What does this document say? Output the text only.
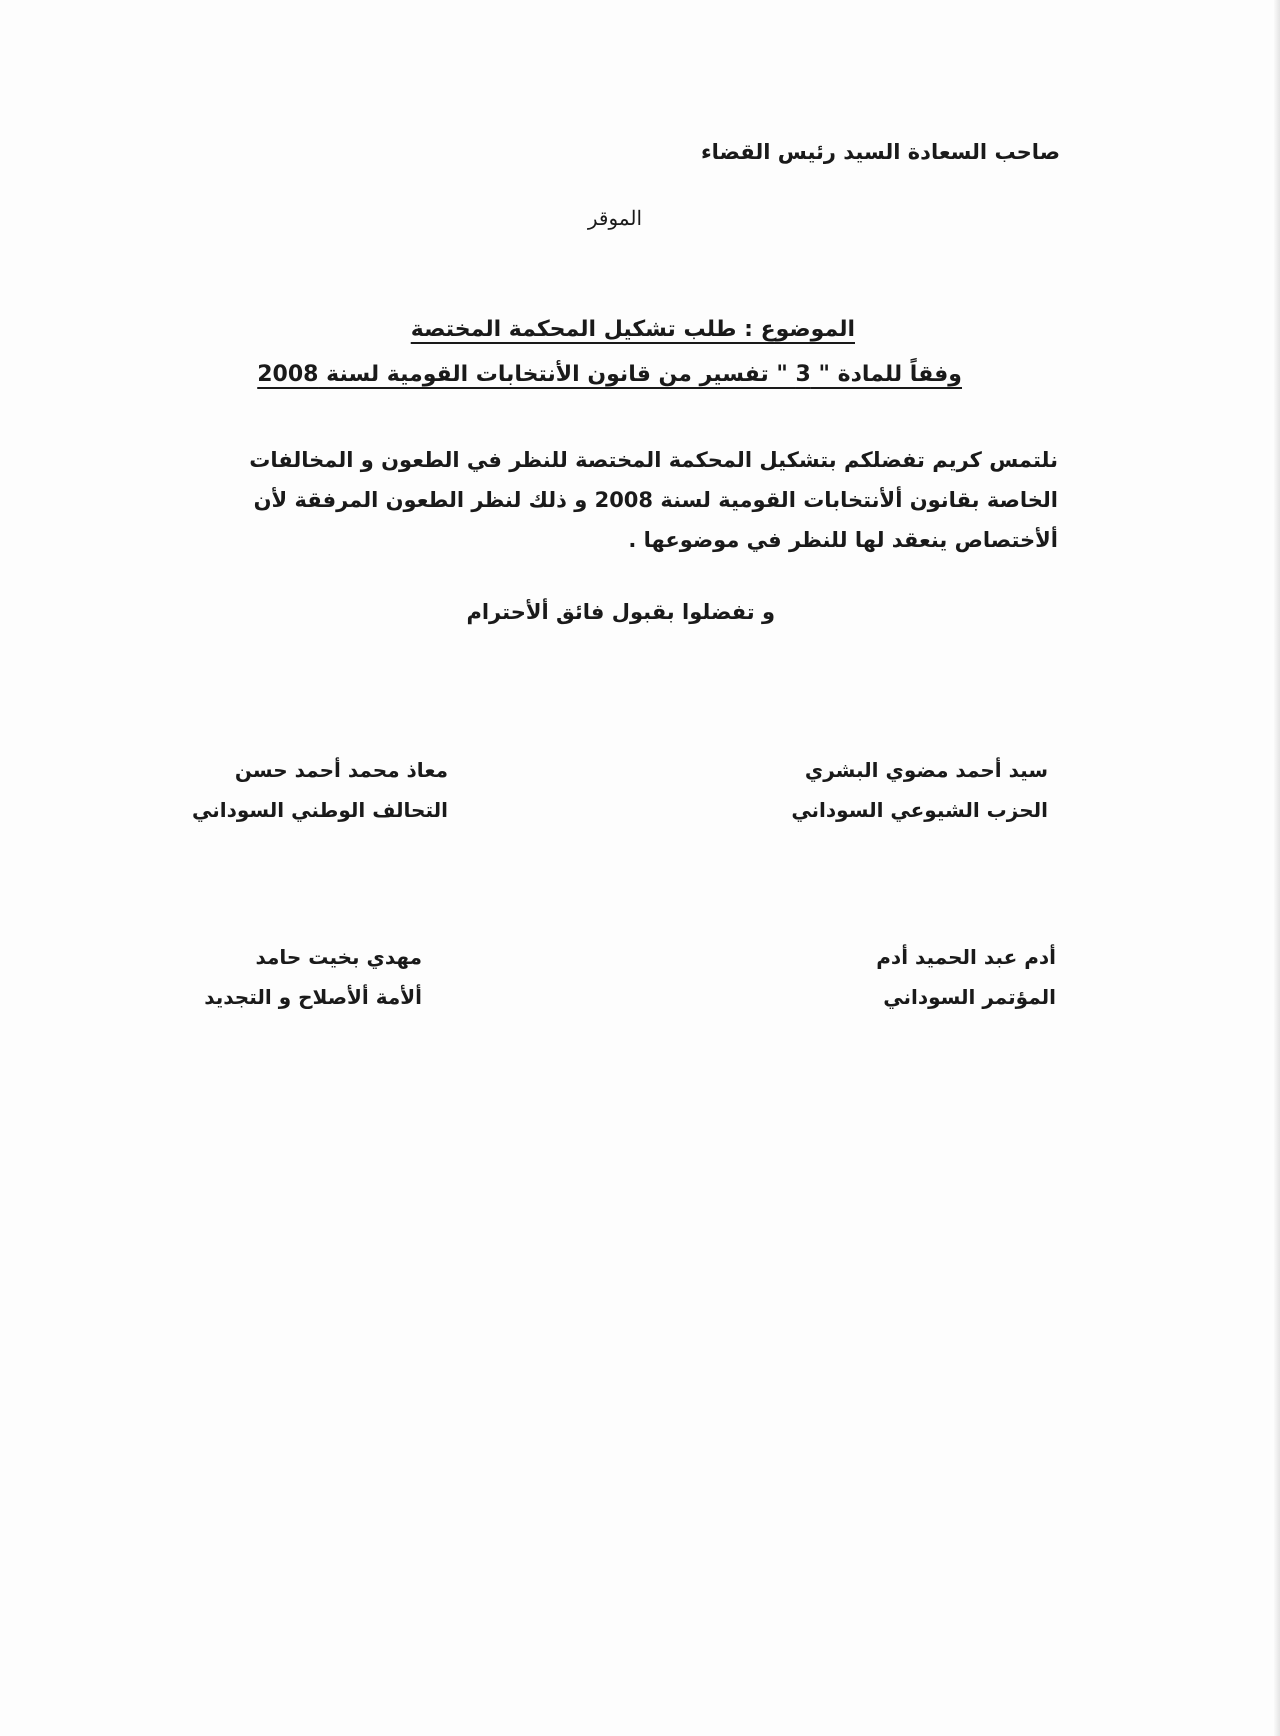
صاحب السعادة السيد رئيس القضاء
الموقر
الموضوع : طلب تشكيل المحكمة المختصة
وفقاً للمادة " 3 " تفسير من قانون الأنتخابات القومية لسنة 2008
نلتمس كريم تفضلكم بتشكيل المحكمة المختصة للنظر في الطعون و المخالفات
الخاصة بقانون ألأنتخابات القومية لسنة 2008 و ذلك لنظر الطعون المرفقة لأن
ألأختصاص ينعقد لها للنظر في موضوعها .
و تفضلوا بقبول فائق ألأحترام
سيد أحمد مضوي البشري
الحزب الشيوعي السوداني
معاذ محمد أحمد حسن
التحالف الوطني السوداني
أدم عبد الحميد أدم
المؤتمر السوداني
مهدي بخيت حامد
ألأمة ألأصلاح و التجديد
